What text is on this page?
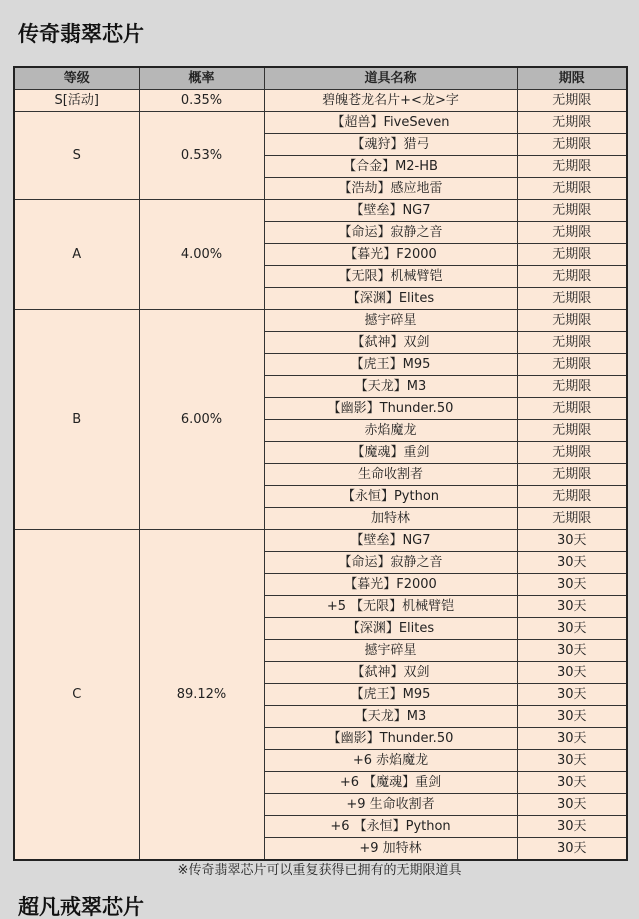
传奇翡翠芯片
等级	概率	道具名称	期限
S[活动]	0.35%	碧魄苍龙名片+<龙>字	无期限
S	0.53%	【超兽】FiveSeven	无期限
		【魂狩】猎弓	无期限
		【合金】M2-HB	无期限
		【浩劫】感应地雷	无期限
A	4.00%	【壁垒】NG7	无期限
		【命运】寂静之音	无期限
		【暮光】F2000	无期限
		【无限】机械臂铠	无期限
		【深渊】Elites	无期限
B	6.00%	撼宇碎星	无期限
		【弑神】双剑	无期限
		【虎王】M95	无期限
		【天龙】M3	无期限
		【幽影】Thunder.50	无期限
		赤焰魔龙	无期限
		【魔魂】重剑	无期限
		生命收割者	无期限
		【永恒】Python	无期限
		加特林	无期限
C	89.12%	【壁垒】NG7	30天
		【命运】寂静之音	30天
		【暮光】F2000	30天
		+5 【无限】机械臂铠	30天
		【深渊】Elites	30天
		撼宇碎星	30天
		【弑神】双剑	30天
		【虎王】M95	30天
		【天龙】M3	30天
		【幽影】Thunder.50	30天
		+6 赤焰魔龙	30天
		+6 【魔魂】重剑	30天
		+9 生命收割者	30天
		+6 【永恒】Python	30天
		+9 加特林	30天
※传奇翡翠芯片可以重复获得已拥有的无期限道具
超凡戒翠芯片
